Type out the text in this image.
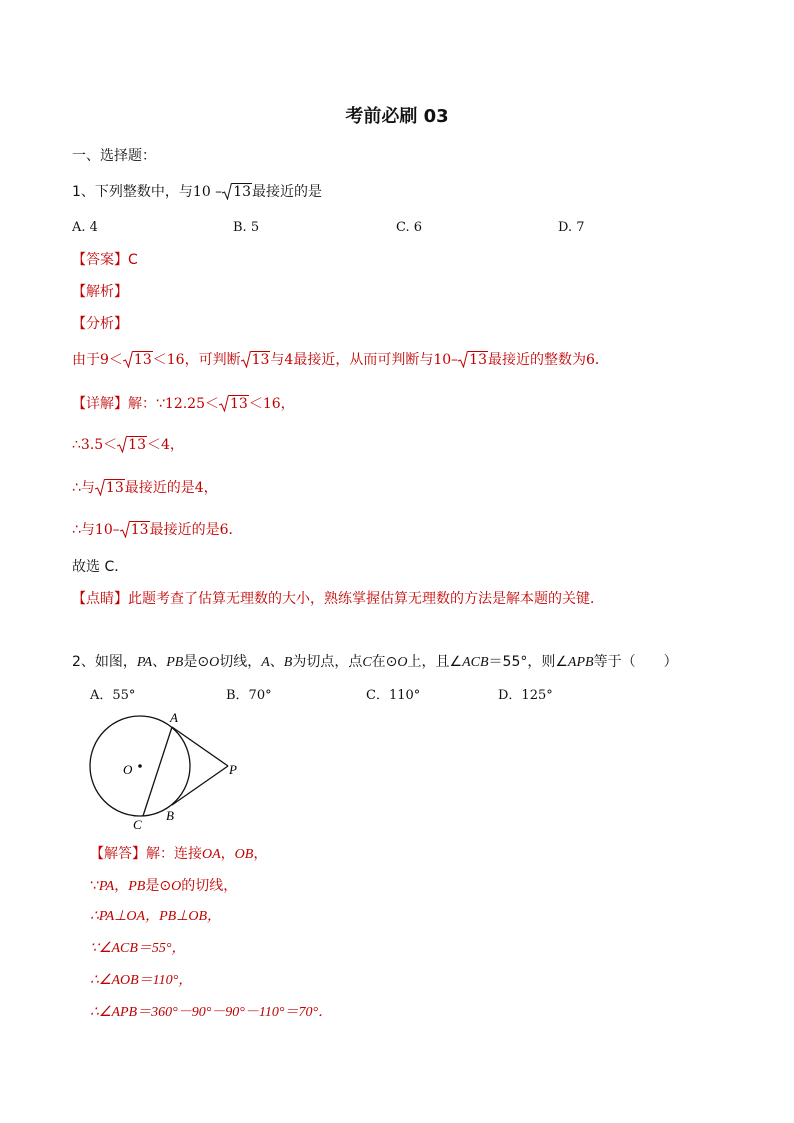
考前必刷 03
一、选择题：
1、下列整数中，与10 – 13最接近的是
A. 4	B. 5	C. 6	D. 7
【答案】C
【解析】
【分析】
由于9＜ 13＜16，可判断 13与4最接近，从而可判断与10– 13最接近的整数为6．
【详解】解：∵12.25＜ 13＜16，
∴3.5＜ 13＜4，
∴与 13最接近的是4，
∴与10– 13最接近的是6．
故选 C．
【点睛】此题考查了估算无理数的大小，熟练掌握估算无理数的方法是解本题的关键．
2、如图，PA、PB是⊙O切线，A、B为切点，点C在⊙O上，且∠ACB＝55°，则∠APB等于（　　）
A．55°	B．70°	C．110°	D．125°
A
O	P
C
B
【解答】解：连接OA，OB，
∵PA，PB是⊙O的切线，
∴PA⊥OA，PB⊥OB，
∵∠ACB＝55°，
∴∠AOB＝110°，
∴∠APB＝360°－90°－90°－110°＝70°．
